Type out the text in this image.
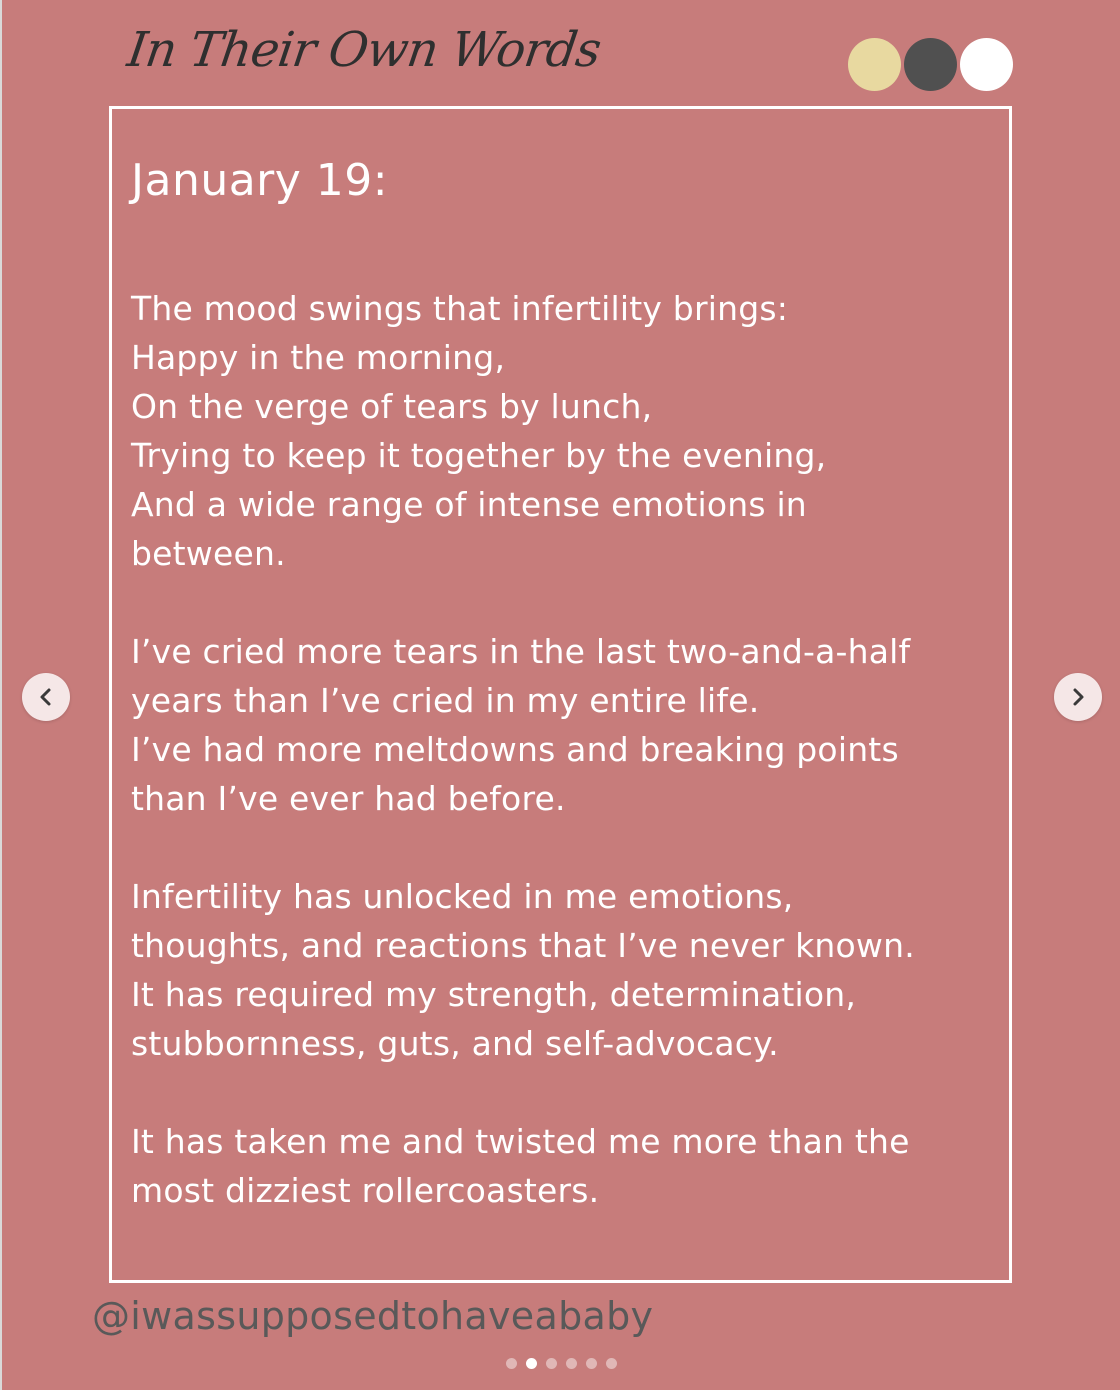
In Their Own Words
January 19:
The mood swings that infertility brings:
Happy in the morning,
On the verge of tears by lunch,
Trying to keep it together by the evening,
And a wide range of intense emotions in
between.
I’ve cried more tears in the last two-and-a-half
years than I’ve cried in my entire life.
I’ve had more meltdowns and breaking points
than I’ve ever had before.
Infertility has unlocked in me emotions,
thoughts, and reactions that I’ve never known.
It has required my strength, determination,
stubbornness, guts, and self-advocacy.
It has taken me and twisted me more than the
most dizziest rollercoasters.
@iwassupposedtohaveababy
